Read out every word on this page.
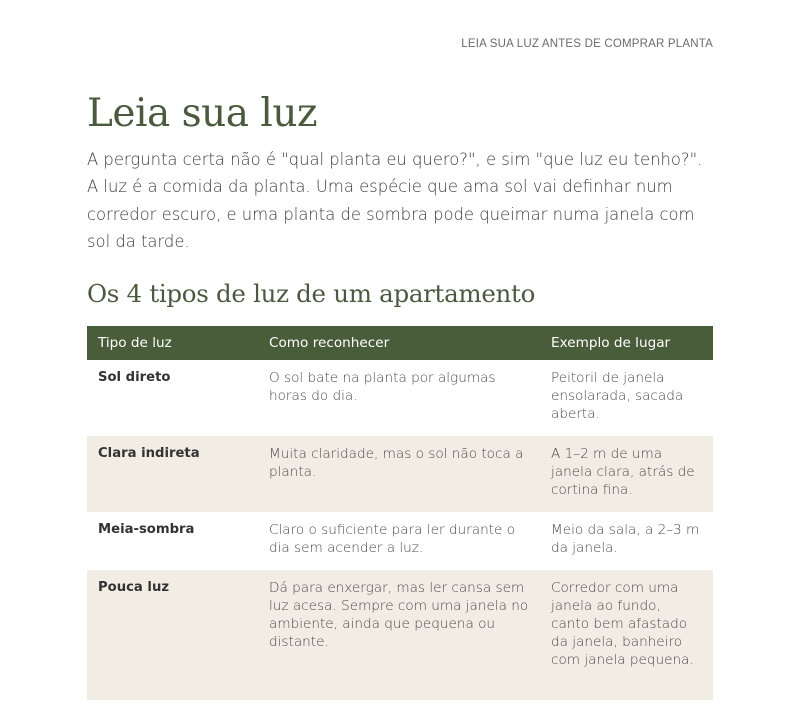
LEIA SUA LUZ ANTES DE COMPRAR PLANTA
Leia sua luz

A pergunta certa não é "qual planta eu quero?", e sim "que luz eu tenho?". A luz é a comida da planta. Uma espécie que ama sol vai definhar num corredor escuro, e uma planta de sombra pode queimar numa janela com sol da tarde.

Os 4 tipos de luz de um apartamento
Tipo de luz	Como reconhecer	Exemplo de lugar
Sol direto	O sol bate na planta por algumas horas do dia.	Peitoril de janela ensolarada, sacada aberta.
Clara indireta	Muita claridade, mas o sol não toca a planta.	A 1–2 m de uma janela clara, atrás de cortina fina.
Meia-sombra	Claro o suficiente para ler durante o dia sem acender a luz.	Meio da sala, a 2–3 m da janela.
Pouca luz	Dá para enxergar, mas ler cansa sem luz acesa. Sempre com uma janela no ambiente, ainda que pequena ou distante.	Corredor com uma janela ao fundo, canto bem afastado da janela, banheiro com janela pequena.
